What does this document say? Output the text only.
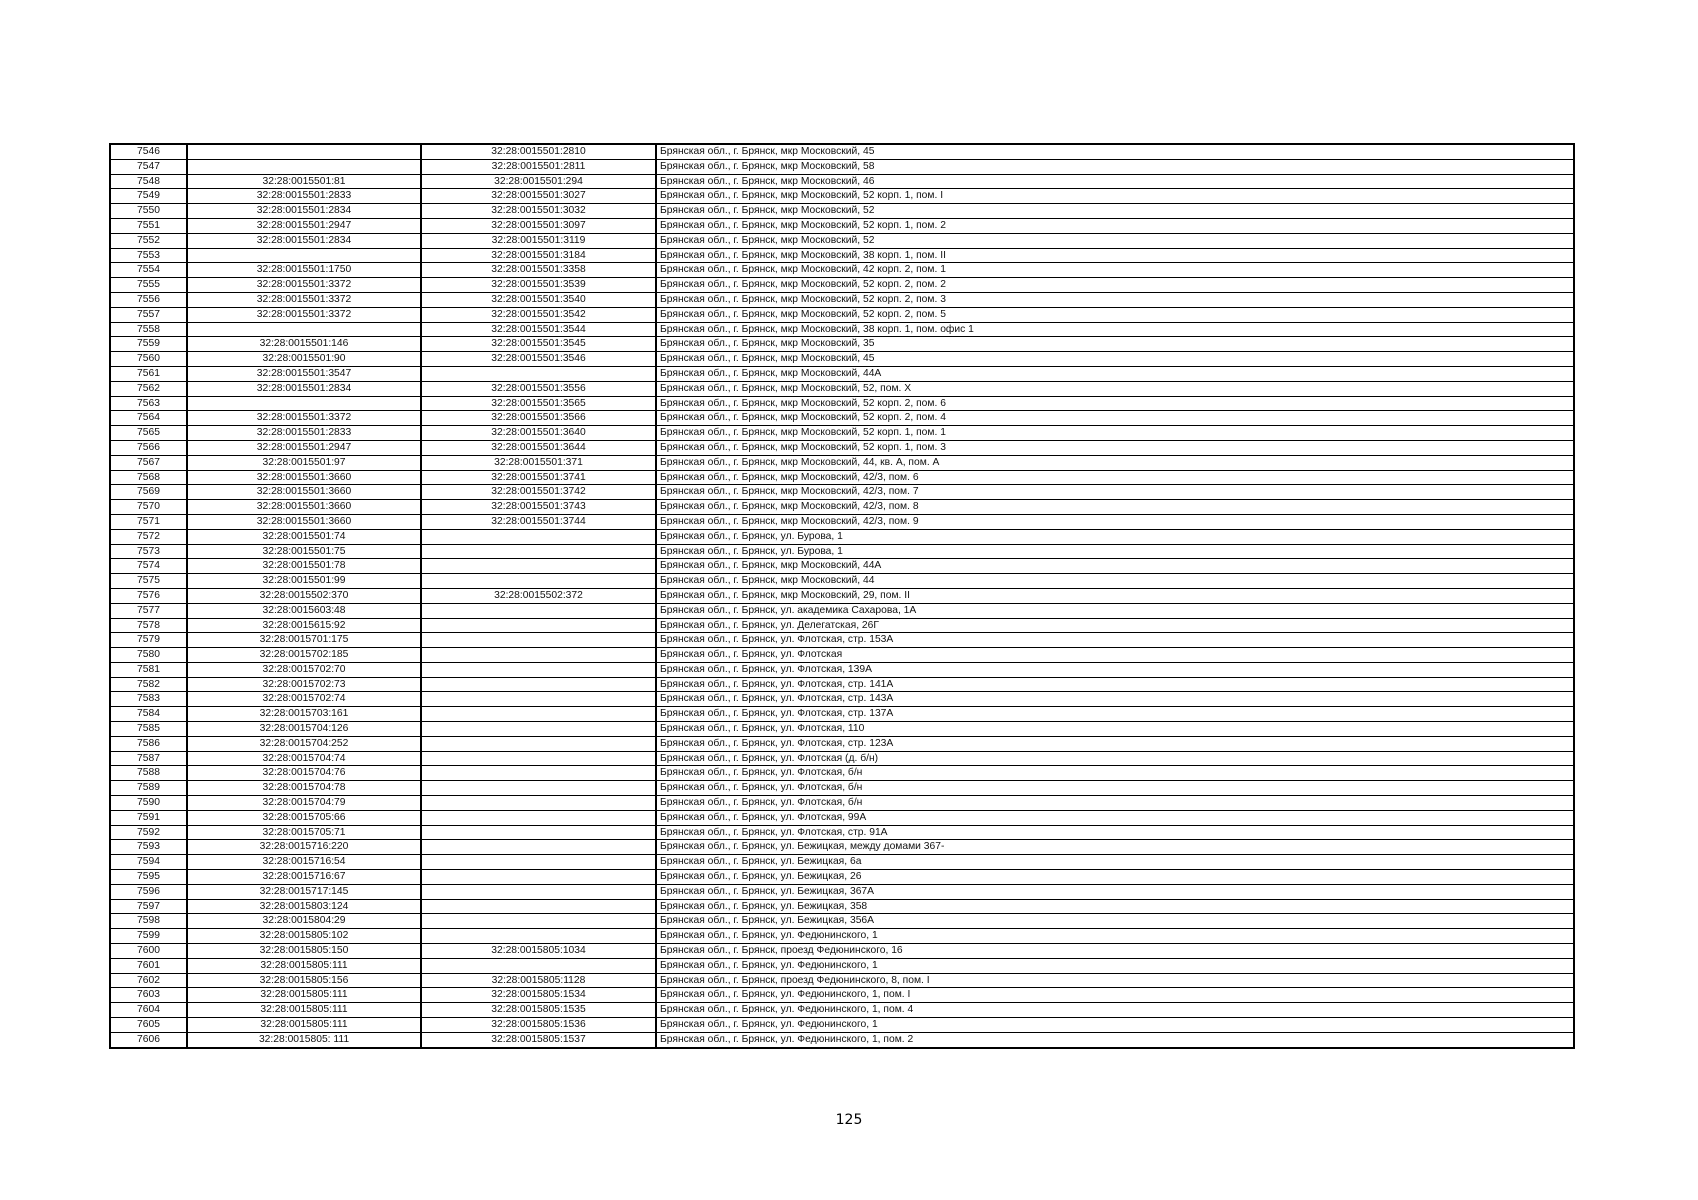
7546		32:28:0015501:2810	Брянская обл., г. Брянск, мкр Московский, 45
7547		32:28:0015501:2811	Брянская обл., г. Брянск, мкр Московский, 58
7548	32:28:0015501:81	32:28:0015501:294	Брянская обл., г. Брянск, мкр Московский, 46
7549	32:28:0015501:2833	32:28:0015501:3027	Брянская обл., г. Брянск, мкр Московский, 52 корп. 1, пом. I
7550	32:28:0015501:2834	32:28:0015501:3032	Брянская обл., г. Брянск, мкр Московский, 52
7551	32:28:0015501:2947	32:28:0015501:3097	Брянская обл., г. Брянск, мкр Московский, 52 корп. 1, пом. 2
7552	32:28:0015501:2834	32:28:0015501:3119	Брянская обл., г. Брянск, мкр Московский, 52
7553		32:28:0015501:3184	Брянская обл., г. Брянск, мкр Московский, 38 корп. 1, пом. II
7554	32:28:0015501:1750	32:28:0015501:3358	Брянская обл., г. Брянск, мкр Московский, 42 корп. 2, пом. 1
7555	32:28:0015501:3372	32:28:0015501:3539	Брянская обл., г. Брянск, мкр Московский, 52 корп. 2, пом. 2
7556	32:28:0015501:3372	32:28:0015501:3540	Брянская обл., г. Брянск, мкр Московский, 52 корп. 2, пом. 3
7557	32:28:0015501:3372	32:28:0015501:3542	Брянская обл., г. Брянск, мкр Московский, 52 корп. 2, пом. 5
7558		32:28:0015501:3544	Брянская обл., г. Брянск, мкр Московский, 38 корп. 1, пом. офис 1
7559	32:28:0015501:146	32:28:0015501:3545	Брянская обл., г. Брянск, мкр Московский, 35
7560	32:28:0015501:90	32:28:0015501:3546	Брянская обл., г. Брянск, мкр Московский, 45
7561	32:28:0015501:3547		Брянская обл., г. Брянск, мкр Московский, 44А
7562	32:28:0015501:2834	32:28:0015501:3556	Брянская обл., г. Брянск, мкр Московский, 52, пом. X
7563		32:28:0015501:3565	Брянская обл., г. Брянск, мкр Московский, 52 корп. 2, пом. 6
7564	32:28:0015501:3372	32:28:0015501:3566	Брянская обл., г. Брянск, мкр Московский, 52 корп. 2, пом. 4
7565	32:28:0015501:2833	32:28:0015501:3640	Брянская обл., г. Брянск, мкр Московский, 52 корп. 1, пом. 1
7566	32:28:0015501:2947	32:28:0015501:3644	Брянская обл., г. Брянск, мкр Московский, 52 корп. 1, пом. 3
7567	32:28:0015501:97	32:28:0015501:371	Брянская обл., г. Брянск, мкр Московский, 44, кв. А, пом. А
7568	32:28:0015501:3660	32:28:0015501:3741	Брянская обл., г. Брянск, мкр Московский, 42/3, пом. 6
7569	32:28:0015501:3660	32:28:0015501:3742	Брянская обл., г. Брянск, мкр Московский, 42/3, пом. 7
7570	32:28:0015501:3660	32:28:0015501:3743	Брянская обл., г. Брянск, мкр Московский, 42/3, пом. 8
7571	32:28:0015501:3660	32:28:0015501:3744	Брянская обл., г. Брянск, мкр Московский, 42/3, пом. 9
7572	32:28:0015501:74		Брянская обл., г. Брянск, ул. Бурова, 1
7573	32:28:0015501:75		Брянская обл., г. Брянск, ул. Бурова, 1
7574	32:28:0015501:78		Брянская обл., г. Брянск, мкр Московский, 44А
7575	32:28:0015501:99		Брянская обл., г. Брянск, мкр Московский, 44
7576	32:28:0015502:370	32:28:0015502:372	Брянская обл., г. Брянск, мкр Московский, 29, пом. II
7577	32:28:0015603:48		Брянская обл., г. Брянск, ул. академика Сахарова, 1А
7578	32:28:0015615:92		Брянская обл., г. Брянск, ул. Делегатская, 26Г
7579	32:28:0015701:175		Брянская обл., г. Брянск, ул. Флотская, стр. 153А
7580	32:28:0015702:185		Брянская обл., г. Брянск, ул. Флотская
7581	32:28:0015702:70		Брянская обл., г. Брянск, ул. Флотская, 139А
7582	32:28:0015702:73		Брянская обл., г. Брянск, ул. Флотская, стр. 141А
7583	32:28:0015702:74		Брянская обл., г. Брянск, ул. Флотская, стр. 143А
7584	32:28:0015703:161		Брянская обл., г. Брянск, ул. Флотская, стр. 137А
7585	32:28:0015704:126		Брянская обл., г. Брянск, ул. Флотская, 110
7586	32:28:0015704:252		Брянская обл., г. Брянск, ул. Флотская, стр. 123А
7587	32:28:0015704:74		Брянская обл., г. Брянск, ул. Флотская (д. б/н)
7588	32:28:0015704:76		Брянская обл., г. Брянск, ул. Флотская, б/н
7589	32:28:0015704:78		Брянская обл., г. Брянск, ул. Флотская, б/н
7590	32:28:0015704:79		Брянская обл., г. Брянск, ул. Флотская, б/н
7591	32:28:0015705:66		Брянская обл., г. Брянск, ул. Флотская, 99А
7592	32:28:0015705:71		Брянская обл., г. Брянск, ул. Флотская, стр. 91А
7593	32:28:0015716:220		Брянская обл., г. Брянск, ул. Бежицкая, между домами 367-
7594	32:28:0015716:54		Брянская обл., г. Брянск, ул. Бежицкая, 6а
7595	32:28:0015716:67		Брянская обл., г. Брянск, ул. Бежицкая, 26
7596	32:28:0015717:145		Брянская обл., г. Брянск, ул. Бежицкая, 367А
7597	32:28:0015803:124		Брянская обл., г. Брянск, ул. Бежицкая, 358
7598	32:28:0015804:29		Брянская обл., г. Брянск, ул. Бежицкая, 356А
7599	32:28:0015805:102		Брянская обл., г. Брянск, ул. Федюнинского, 1
7600	32:28:0015805:150	32:28:0015805:1034	Брянская обл., г. Брянск, проезд Федюнинского, 16
7601	32:28:0015805:111		Брянская обл., г. Брянск, ул. Федюнинского, 1
7602	32:28:0015805:156	32:28:0015805:1128	Брянская обл., г. Брянск, проезд Федюнинского, 8, пом. I
7603	32:28:0015805:111	32:28:0015805:1534	Брянская обл., г. Брянск, ул. Федюнинского, 1, пом. I
7604	32:28:0015805:111	32:28:0015805:1535	Брянская обл., г. Брянск, ул. Федюнинского, 1, пом. 4
7605	32:28:0015805:111	32:28:0015805:1536	Брянская обл., г. Брянск, ул. Федюнинского, 1
7606	32:28:0015805: 111	32:28:0015805:1537	Брянская обл., г. Брянск, ул. Федюнинского, 1, пом. 2
125
